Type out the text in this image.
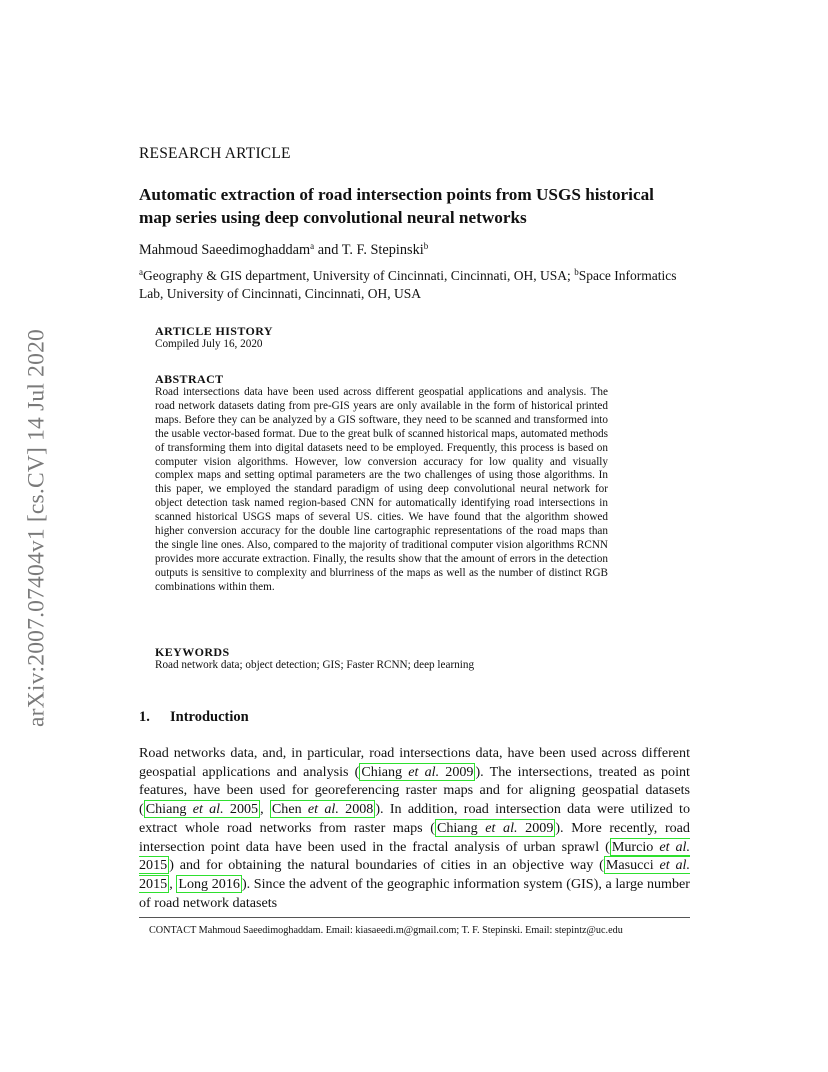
arXiv:2007.07404v1 [cs.CV] 14 Jul 2020
RESEARCH ARTICLE
Automatic extraction of road intersection points from USGS historical map series using deep convolutional neural networks
Mahmoud Saeedimoghaddam$^a$ and T. F. Stepinski$^b$
$^a$Geography & GIS department, University of Cincinnati, Cincinnati, OH, USA; $^b$Space Informatics Lab, University of Cincinnati, Cincinnati, OH, USA
ARTICLE HISTORY
Compiled July 16, 2020
ABSTRACT
Road intersections data have been used across different geospatial applications and analysis. The road network datasets dating from pre-GIS years are only available in the form of historical printed maps. Before they can be analyzed by a GIS software, they need to be scanned and transformed into the usable vector-based format. Due to the great bulk of scanned historical maps, automated methods of transforming them into digital datasets need to be employed. Frequently, this process is based on computer vision algorithms. However, low conversion accuracy for low quality and visually complex maps and setting optimal parameters are the two challenges of using those algorithms. In this paper, we employed the standard paradigm of using deep convolutional neural network for object detection task named region-based CNN for automatically identifying road intersections in scanned historical USGS maps of several US. cities. We have found that the algorithm showed higher conversion accuracy for the double line cartographic representations of the road maps than the single line ones. Also, compared to the majority of traditional computer vision algorithms RCNN provides more accurate extraction. Finally, the results show that the amount of errors in the detection outputs is sensitive to complexity and blurriness of the maps as well as the number of distinct RGB combinations within them.
KEYWORDS
Road network data; object detection; GIS; Faster RCNN; deep learning
1. Introduction
Road networks data, and, in particular, road intersections data, have been used across different geospatial applications and analysis ( Chiang et al. 2009 ). The intersections, treated as point features, have been used for georeferencing raster maps and for aligning geospatial datasets ( Chiang et al. 2005 , Chen et al. 2008 ). In addition, road intersection data were utilized to extract whole road networks from raster maps ( Chiang et al. 2009 ). More recently, road intersection point data have been used in the fractal analysis of urban sprawl ( Murcio et al. 2015 ) and for obtaining the natural boundaries of cities in an objective way ( Masucci et al. 2015 , Long 2016 ). Since the advent of the geographic information system (GIS), a large number of road network datasets
CONTACT Mahmoud Saeedimoghaddam. Email: kiasaeedi.m@gmail.com; T. F. Stepinski. Email: stepintz@uc.edu
